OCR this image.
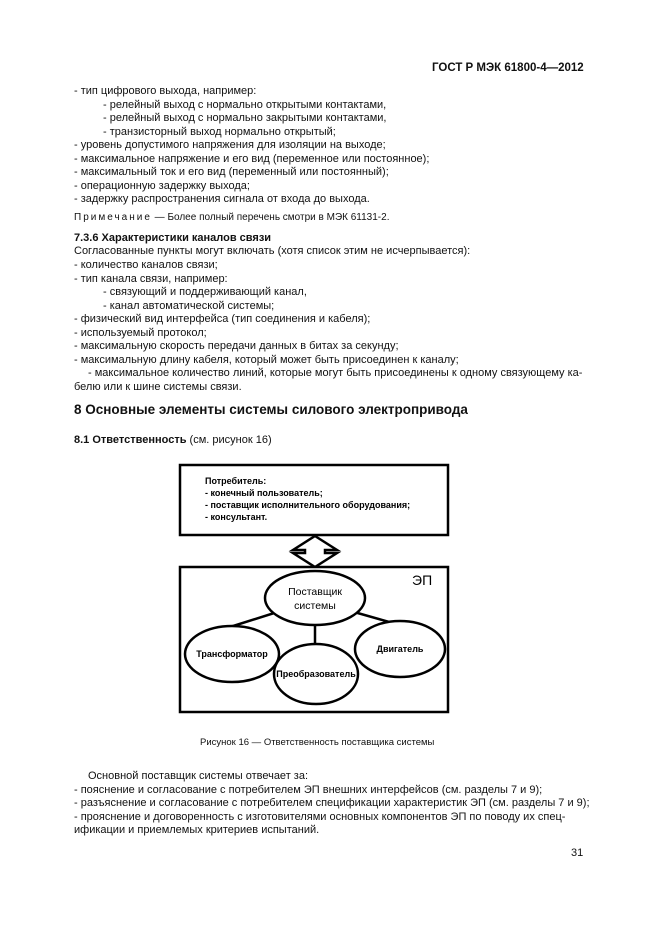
ГОСТ Р МЭК 61800-4—2012
- тип цифрового выхода, например:
- релейный выход с нормально открытыми контактами,
- релейный выход с нормально закрытыми контактами,
- транзисторный выход нормально открытый;
- уровень допустимого напряжения для изоляции на выходе;
- максимальное напряжение и его вид (переменное или постоянное);
- максимальный ток и его вид (переменный или постоянный);
- операционную задержку выхода;
- задержку распространения сигнала от входа до выхода.
Примечание — Более полный перечень смотри в МЭК 61131-2.
7.3.6 Характеристики каналов связи
Согласованные пункты могут включать (хотя список этим не исчерпывается):
- количество каналов связи;
- тип канала связи, например:
- связующий и поддерживающий канал,
- канал автоматической системы;
- физический вид интерфейса (тип соединения и кабеля);
- используемый протокол;
- максимальную скорость передачи данных в битах за секунду;
- максимальную длину кабеля, который может быть присоединен к каналу;
- максимальное количество линий, которые могут быть присоединены к одному связующему ка-
белю или к шине системы связи.
8 Основные элементы системы силового электропривода
8.1 Ответственность (см. рисунок 16)
Потребитель:
- конечный пользователь;
- поставщик исполнительного оборудования;
- консультант.
ЭП
Поставщик
системы
Трансформатор	Двигатель
Преобразователь
Рисунок 16 — Ответственность поставщика системы
Основной поставщик системы отвечает за:
- пояснение и согласование с потребителем ЭП внешних интерфейсов (см. разделы 7 и 9);
- разъяснение и согласование с потребителем спецификации характеристик ЭП (см. разделы 7 и 9);
- прояснение и договоренность с изготовителями основных компонентов ЭП по поводу их спец-
ификации и приемлемых критериев испытаний.
31
